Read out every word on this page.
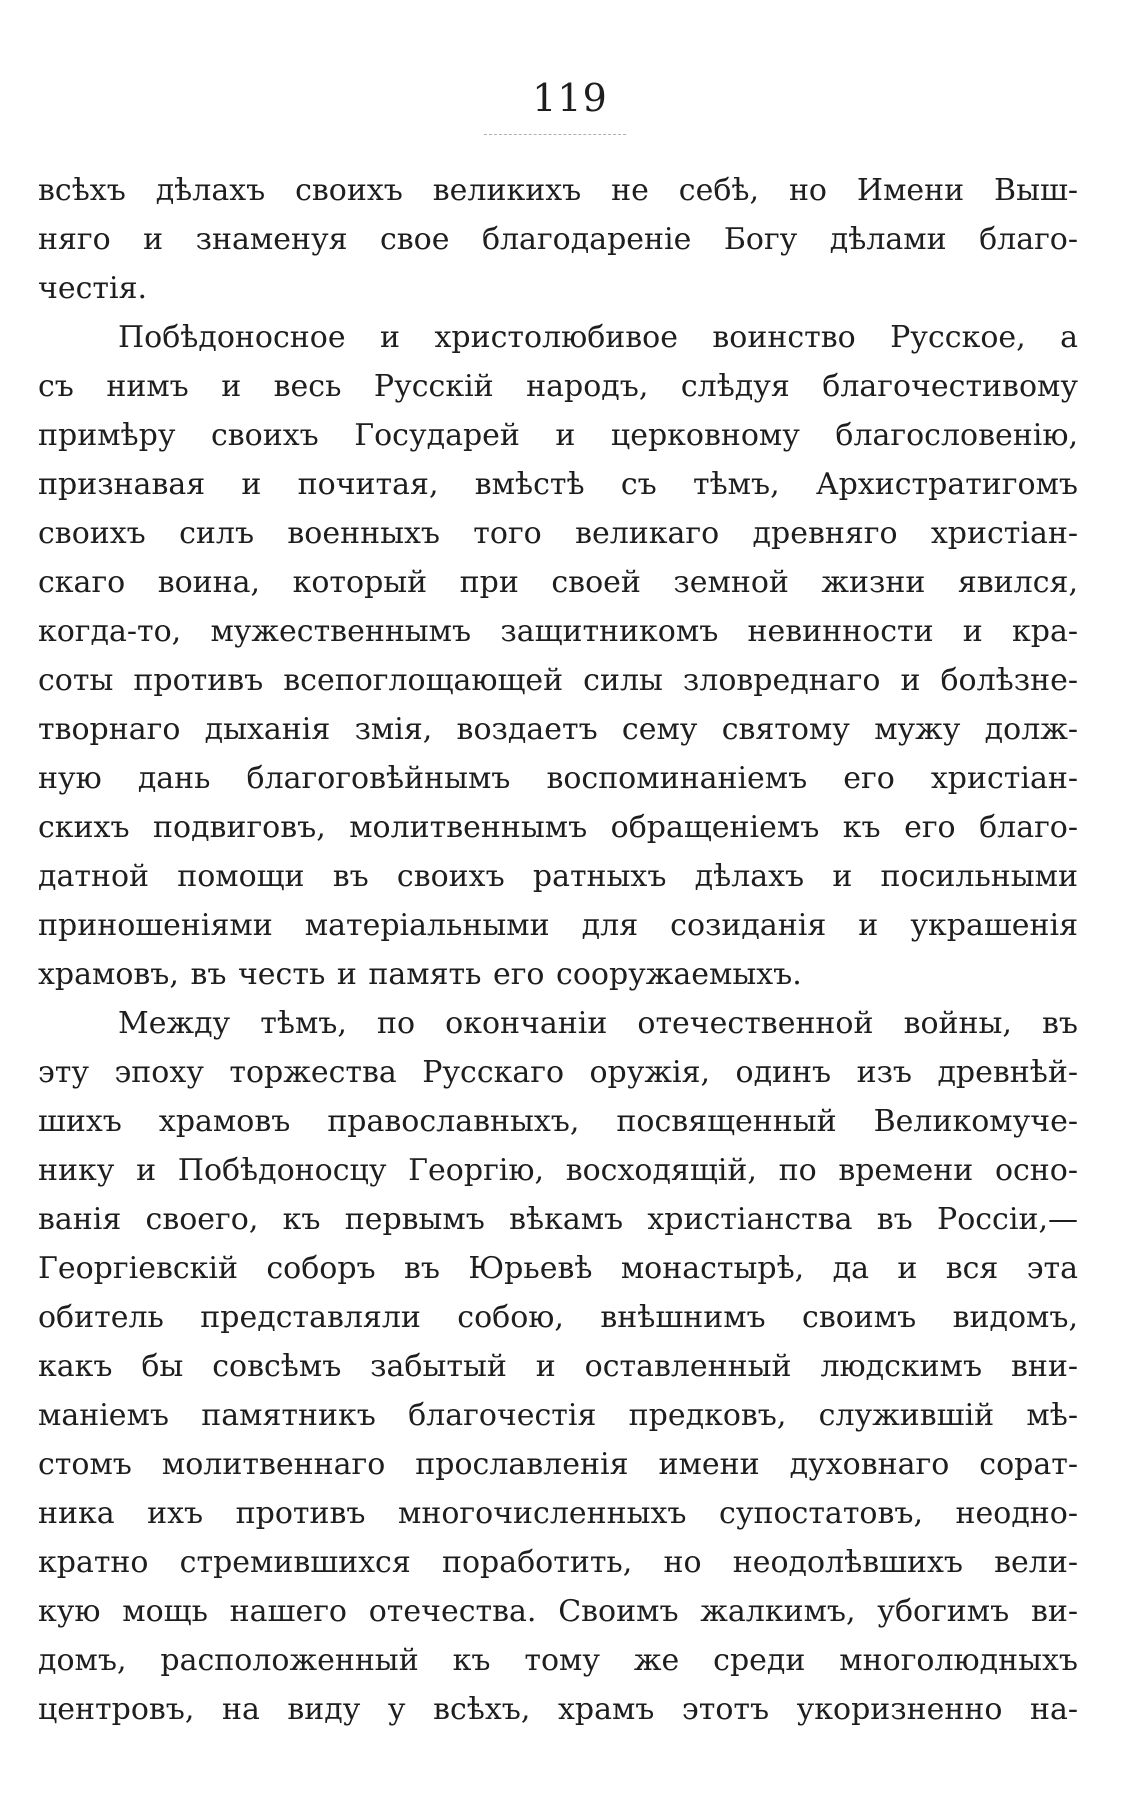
119
всѣхъ дѣлахъ своихъ великихъ не себѣ, но Имени Выш-
няго и знаменуя свое благодареніе Богу дѣлами благо-
честія.
Побѣдоносное и христолюбивое воинство Русское, а
съ нимъ и весь Русскій народъ, слѣдуя благочестивому
примѣру своихъ Государей и церковному благословенію,
признавая и почитая, вмѣстѣ съ тѣмъ, Архистратигомъ
своихъ силъ военныхъ того великаго древняго христіан-
скаго воина, который при своей земной жизни явился,
когда-то, мужественнымъ защитникомъ невинности и кра-
соты противъ всепоглощающей силы зловреднаго и болѣзне-
творнаго дыханія змія, воздаетъ сему святому мужу долж-
ную дань благоговѣйнымъ воспоминаніемъ его христіан-
скихъ подвиговъ, молитвеннымъ обращеніемъ къ его благо-
датной помощи въ своихъ ратныхъ дѣлахъ и посильными
приношеніями матеріальными для созиданія и украшенія
храмовъ, въ честь и память его сооружаемыхъ.
Между тѣмъ, по окончаніи отечественной войны, въ
эту эпоху торжества Русскаго оружія, одинъ изъ древнѣй-
шихъ храмовъ православныхъ, посвященный Великомуче-
нику и Побѣдоносцу Георгію, восходящій, по времени осно-
ванія своего, къ первымъ вѣкамъ христіанства въ Россіи,—
Георгіевскій соборъ въ Юрьевѣ монастырѣ, да и вся эта
обитель представляли собою, внѣшнимъ своимъ видомъ,
какъ бы совсѣмъ забытый и оставленный людскимъ вни-
маніемъ памятникъ благочестія предковъ, служившій мѣ-
стомъ молитвеннаго прославленія имени духовнаго сорат-
ника ихъ противъ многочисленныхъ супостатовъ, неодно-
кратно стремившихся поработить, но неодолѣвшихъ вели-
кую мощь нашего отечества. Своимъ жалкимъ, убогимъ ви-
домъ, расположенный къ тому же среди многолюдныхъ
центровъ, на виду у всѣхъ, храмъ этотъ укоризненно на-
